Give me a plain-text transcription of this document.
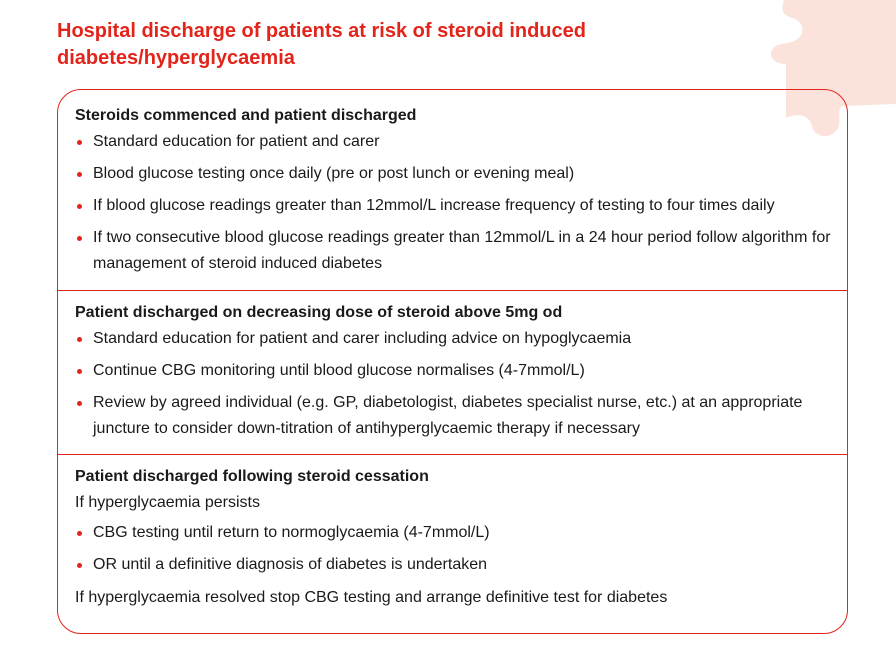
Hospital discharge of patients at risk of steroid induced diabetes/hyperglycaemia
Steroids commenced and patient discharged
Standard education for patient and carer
Blood glucose testing once daily (pre or post lunch or evening meal)
If blood glucose readings greater than 12mmol/L increase frequency of testing to four times daily
If two consecutive blood glucose readings greater than 12mmol/L in a 24 hour period follow algorithm for management of steroid induced diabetes
Patient discharged on decreasing dose of steroid above 5mg od
Standard education for patient and carer including advice on hypoglycaemia
Continue CBG monitoring until blood glucose normalises (4-7mmol/L)
Review by agreed individual (e.g. GP, diabetologist, diabetes specialist nurse, etc.) at an appropriate juncture to consider down-titration of antihyperglycaemic therapy if necessary
Patient discharged following steroid cessation
If hyperglycaemia persists
CBG testing until return to normoglycaemia (4-7mmol/L)
OR until a definitive diagnosis of diabetes is undertaken
If hyperglycaemia resolved stop CBG testing and arrange definitive test for diabetes
